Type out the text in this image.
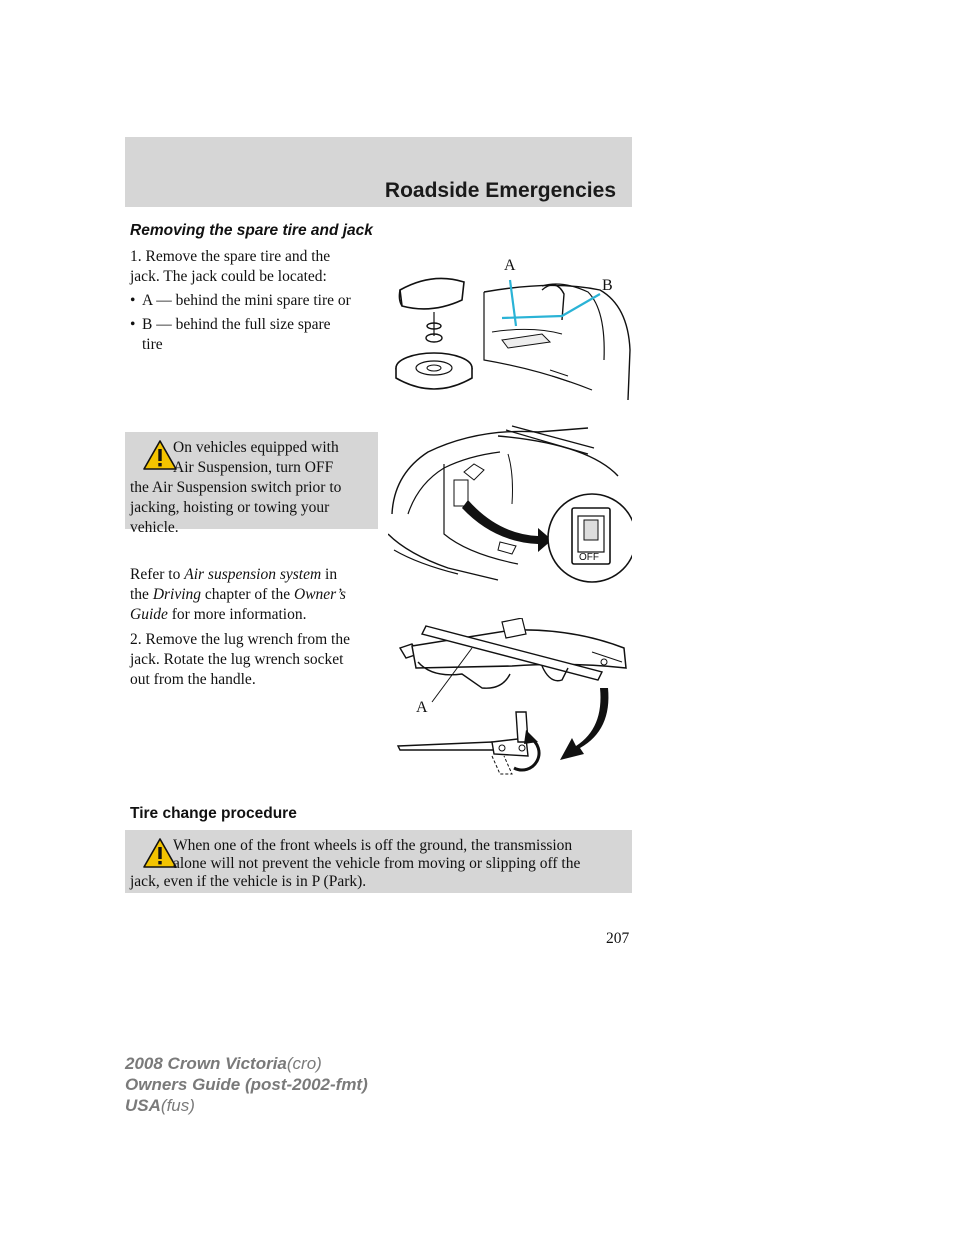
Roadside Emergencies
Removing the spare tire and jack
1. Remove the spare tire and the
jack. The jack could be located:
• A — behind the mini spare tire or
• B — behind the full size spare
tire
A
B
On vehicles equipped with
Air Suspension, turn OFF
the Air Suspension switch prior to
jacking, hoisting or towing your
vehicle.
OFF
Refer to Air suspension system in
the Driving chapter of the Owner’s
Guide for more information.
2. Remove the lug wrench from the
jack. Rotate the lug wrench socket
out from the handle.
A
Tire change procedure
When one of the front wheels is off the ground, the transmission
alone will not prevent the vehicle from moving or slipping off the
jack, even if the vehicle is in P (Park).
207
2008 Crown Victoria(cro)
Owners Guide (post-2002-fmt)
USA(fus)
